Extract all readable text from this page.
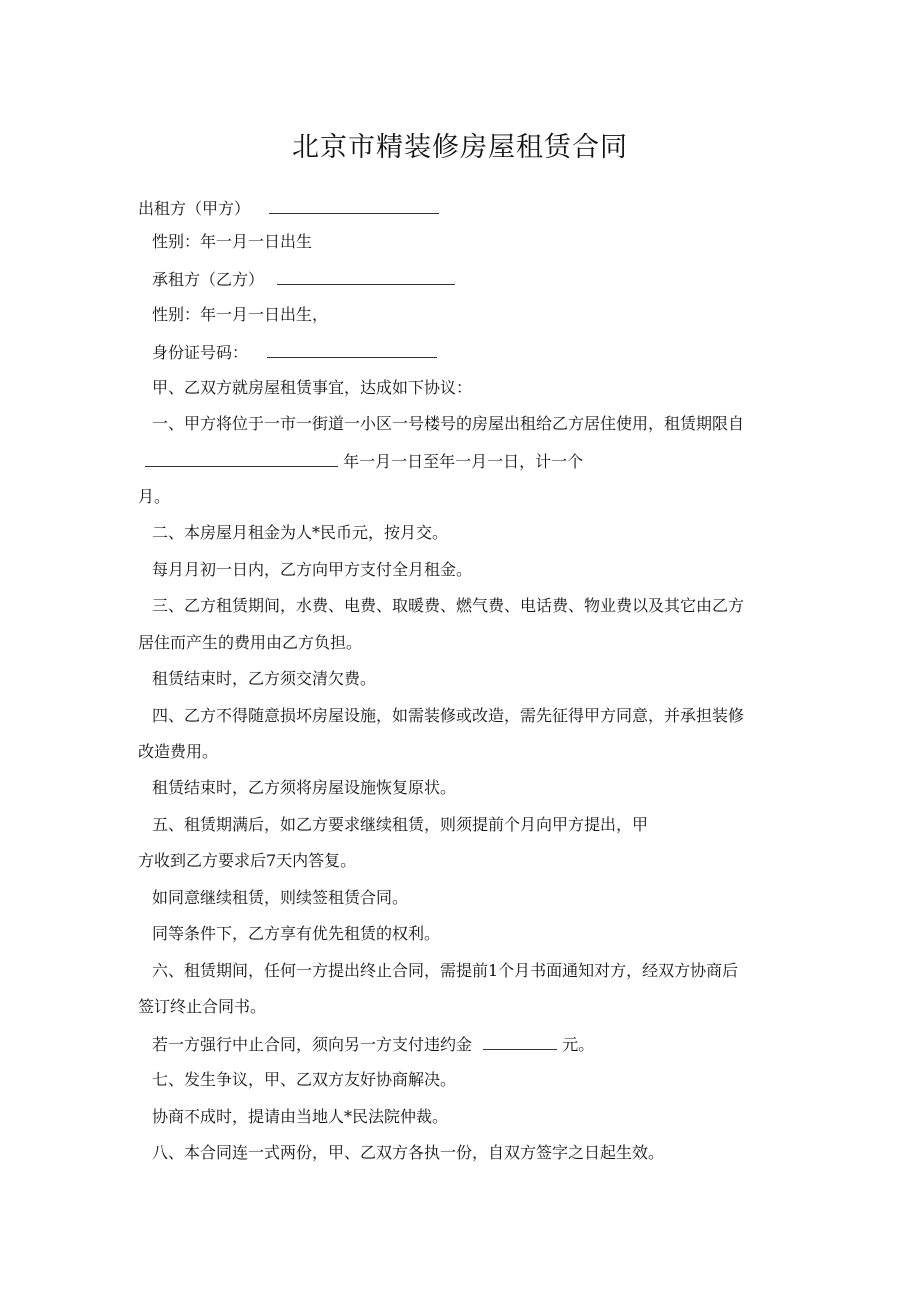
北京市精装修房屋租赁合同
出租方（甲方）
性别：年一月一日出生
承租方（乙方）
性别：年一月一日出生，
身份证号码：
甲、乙双方就房屋租赁事宜，达成如下协议：
一、甲方将位于一市一街道一小区一号楼号的房屋出租给乙方居住使用，租赁期限自
年一月一日至年一月一日，计一个
月。
二、本房屋月租金为人*民币元，按月交。
每月月初一日内，乙方向甲方支付全月租金。
三、乙方租赁期间，水费、电费、取暖费、燃气费、电话费、物业费以及其它由乙方
居住而产生的费用由乙方负担。
租赁结束时，乙方须交清欠费。
四、乙方不得随意损坏房屋设施，如需装修或改造，需先征得甲方同意，并承担装修
改造费用。
租赁结束时，乙方须将房屋设施恢复原状。
五、租赁期满后，如乙方要求继续租赁，则须提前个月向甲方提出，甲
方收到乙方要求后7天内答复。
如同意继续租赁，则续签租赁合同。
同等条件下，乙方享有优先租赁的权利。
六、租赁期间，任何一方提出终止合同，需提前1个月书面通知对方，经双方协商后
签订终止合同书。
若一方强行中止合同，须向另一方支付违约金	元。
七、发生争议，甲、乙双方友好协商解决。
协商不成时，提请由当地人*民法院仲裁。
八、本合同连一式两份，甲、乙双方各执一份，自双方签字之日起生效。
